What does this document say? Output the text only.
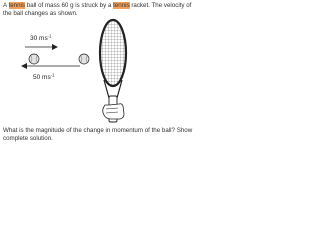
A tennis ball of mass 60 g is struck by a tennis racket. The velocity of the ball changes as shown.
30 $ms^{-1}$
50 $ms^{-1}$
What is the magnitude of the change in momentum of the ball? Show complete solution.
